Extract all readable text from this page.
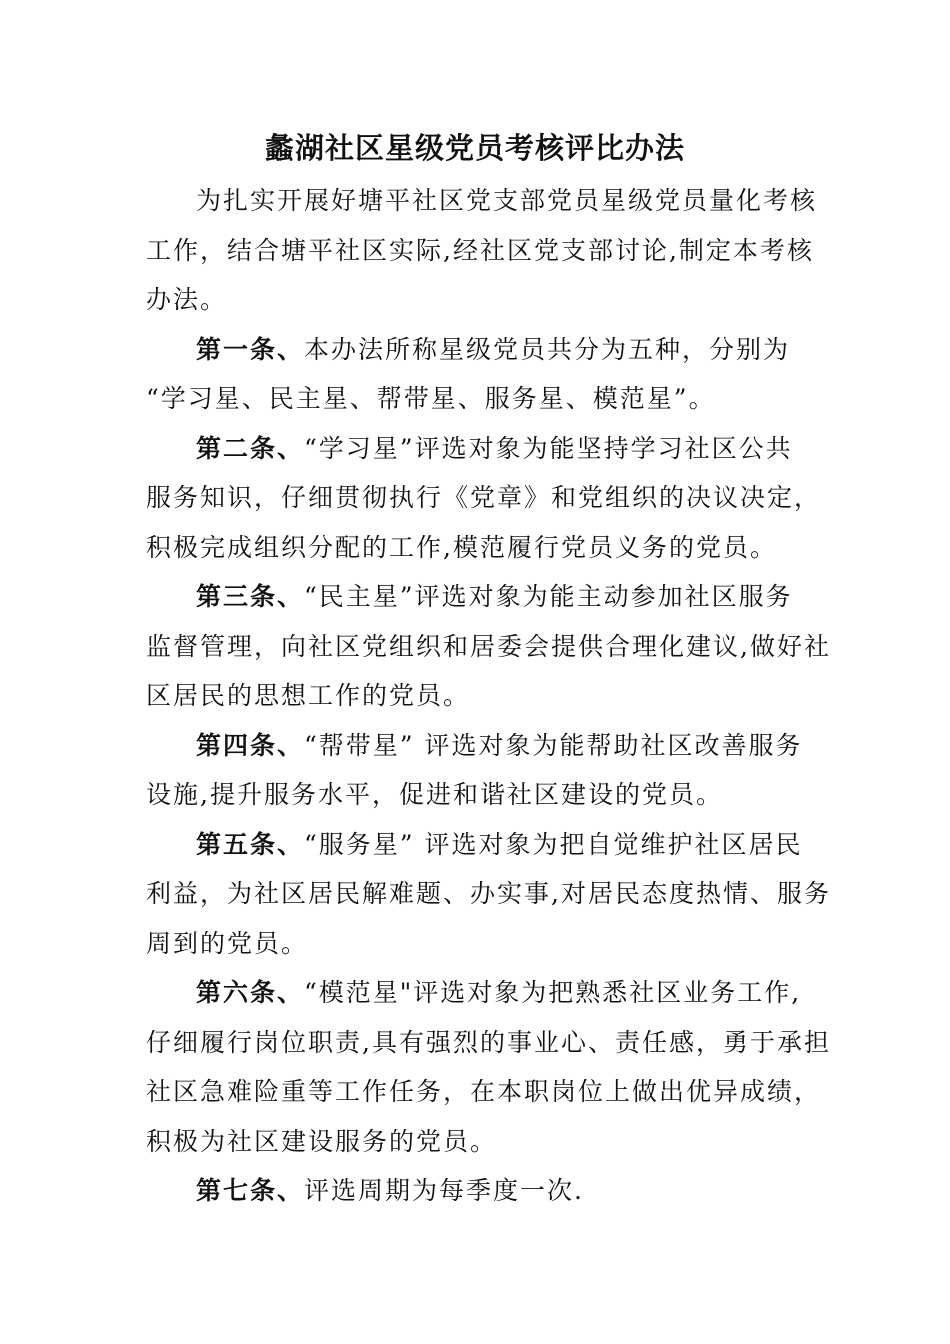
蠡湖社区星级党员考核评比办法

为扎实开展好塘平社区党支部党员星级党员量化考核
工作，结合塘平社区实际,经社区党支部讨论,制定本考核
办法。

第一条、本办法所称星级党员共分为五种，分别为
“学习星、民主星、帮带星、服务星、模范星”。

第二条、“学习星”评选对象为能坚持学习社区公共
服务知识，仔细贯彻执行《党章》和党组织的决议决定，
积极完成组织分配的工作,模范履行党员义务的党员。

第三条、“民主星”评选对象为能主动参加社区服务
监督管理，向社区党组织和居委会提供合理化建议,做好社
区居民的思想工作的党员。

第四条、“帮带星” 评选对象为能帮助社区改善服务
设施,提升服务水平，促进和谐社区建设的党员。

第五条、“服务星” 评选对象为把自觉维护社区居民
利益，为社区居民解难题、办实事,对居民态度热情、服务
周到的党员。

第六条、“模范星"评选对象为把熟悉社区业务工作,
仔细履行岗位职责,具有强烈的事业心、责任感，勇于承担
社区急难险重等工作任务，在本职岗位上做出优异成绩，
积极为社区建设服务的党员。

第七条、评选周期为每季度一次.
